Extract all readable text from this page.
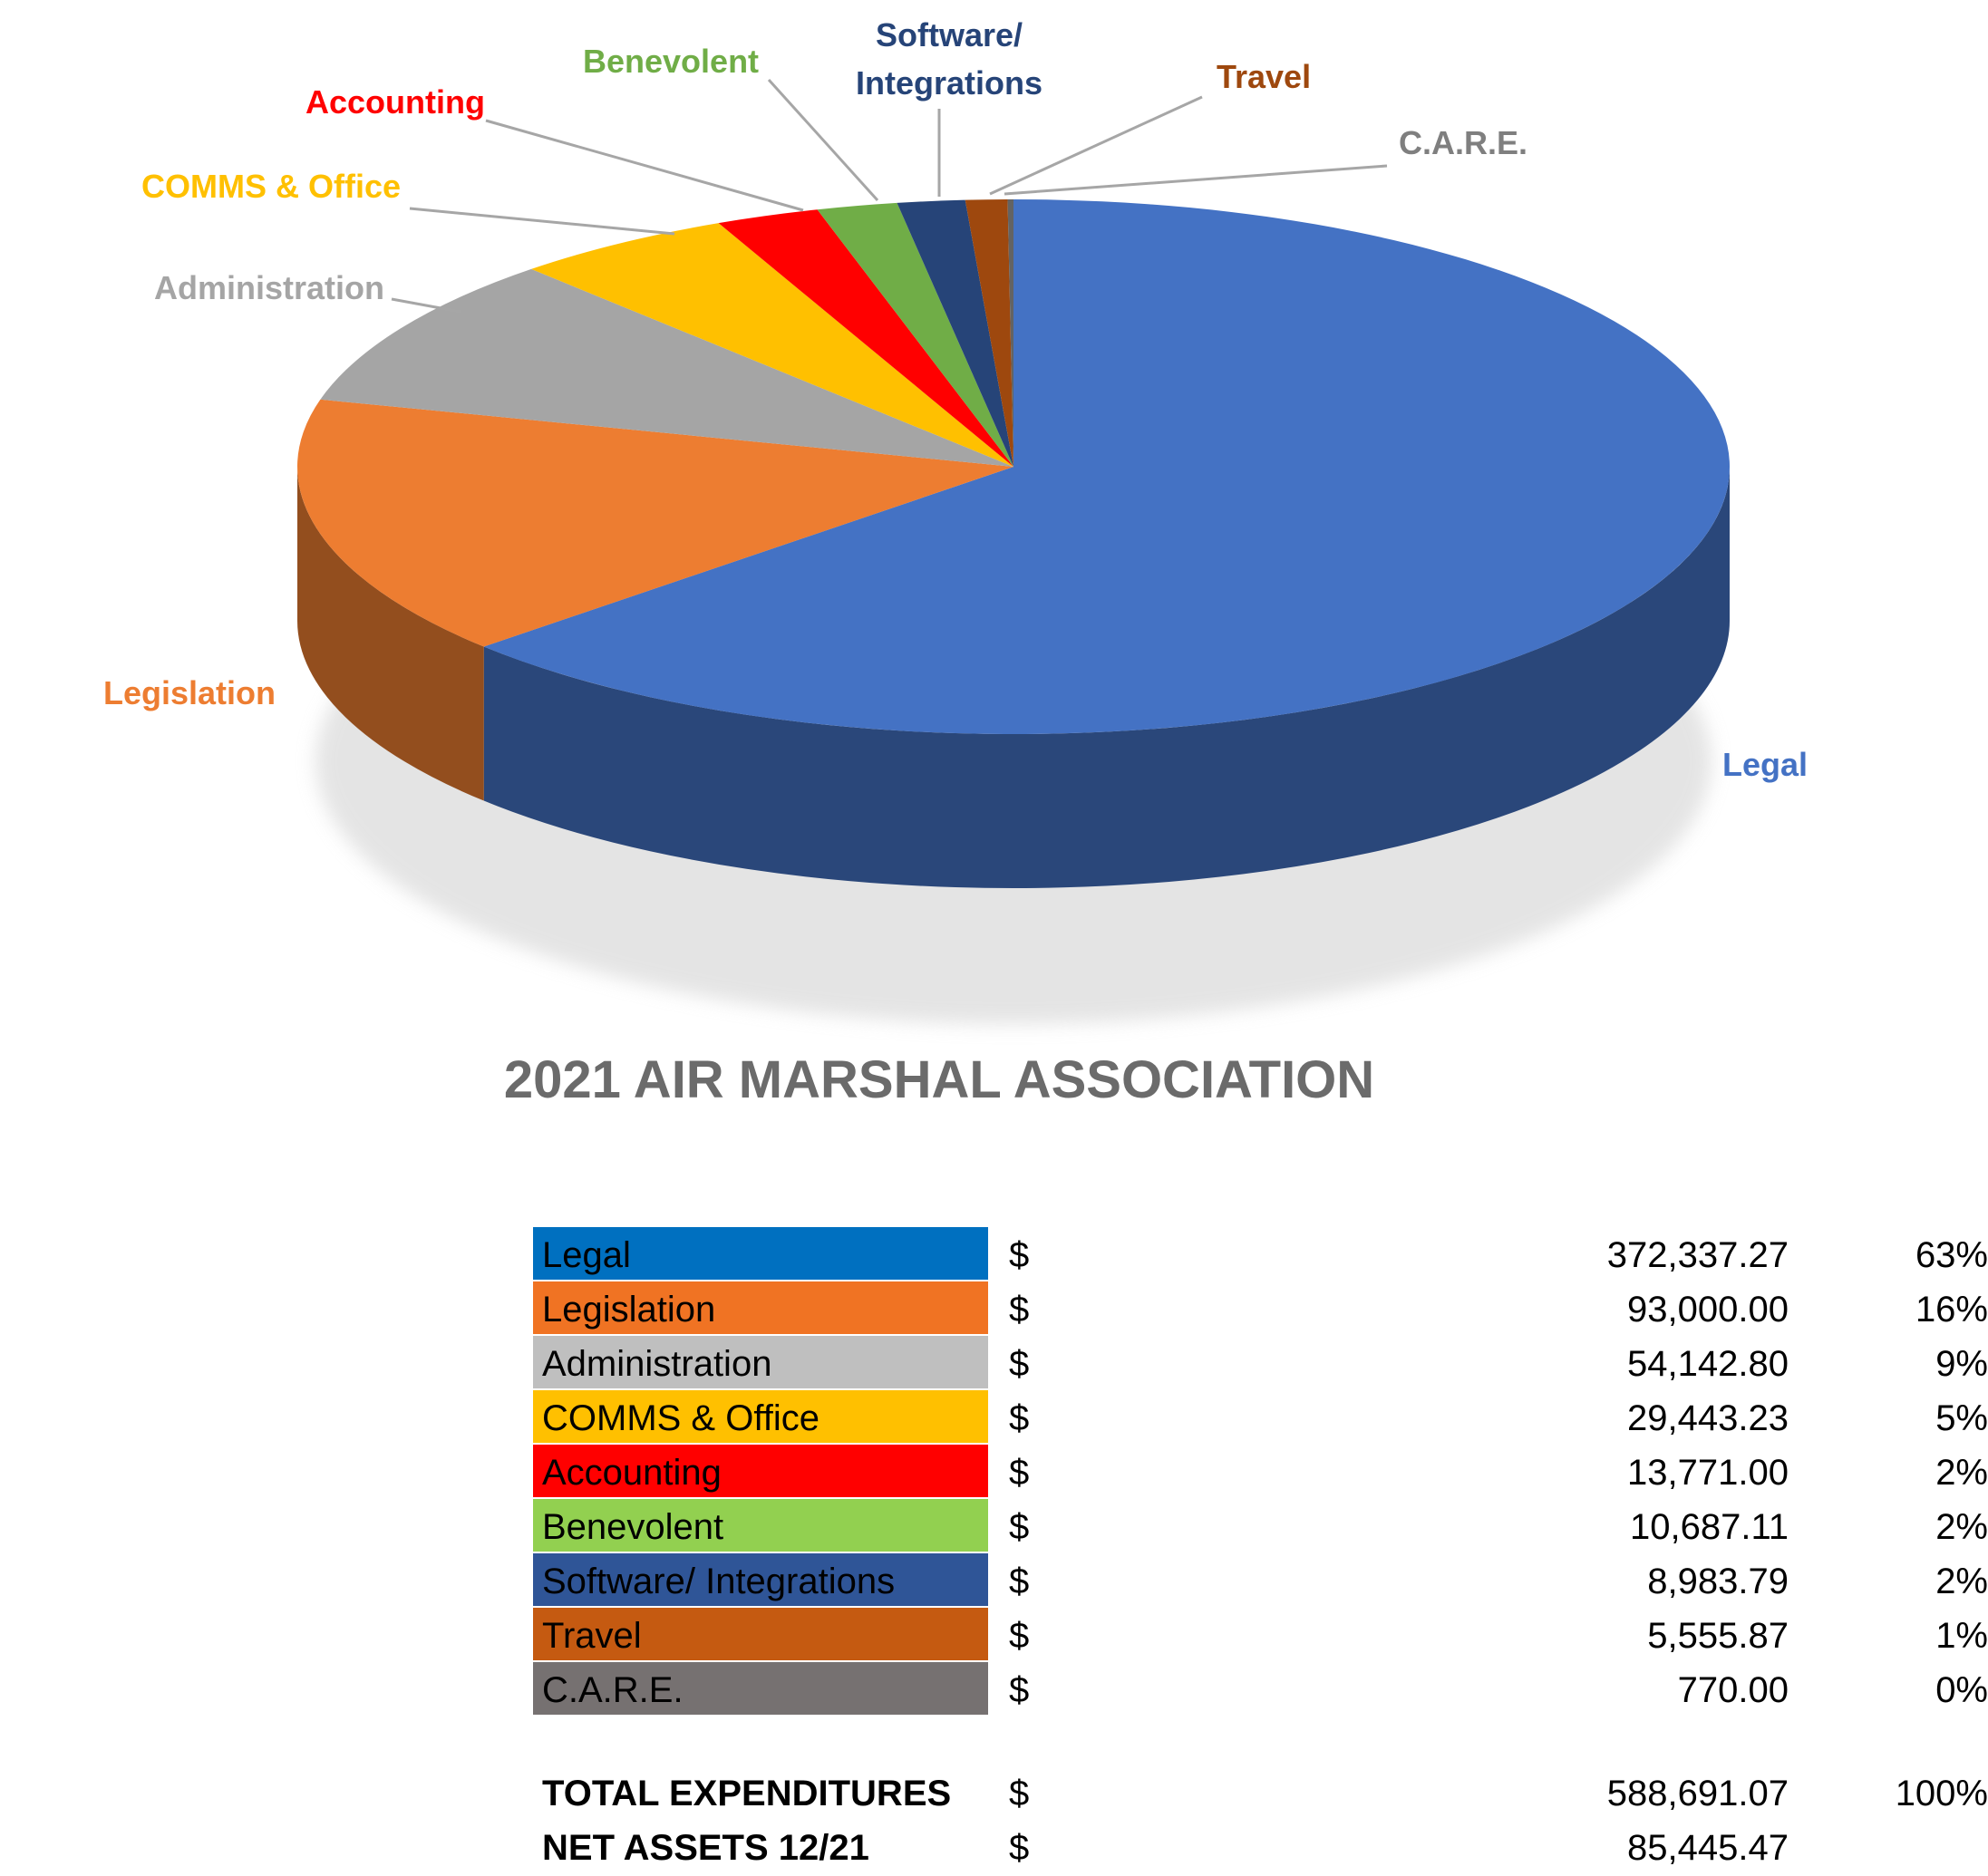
Legal
Legislation
Administration
COMMS & Office
Accounting
Benevolent
Software/
Integrations	Travel
C.A.R.E.
2021 AIR MARSHAL ASSOCIATION
Legal	$	372,337.27	63%
Legislation	$	93,000.00	16%
Administration	$	54,142.80	9%
COMMS & Office	$	29,443.23	5%
Accounting	$	13,771.00	2%
Benevolent	$	10,687.11	2%
Software/ Integrations	$	8,983.79	2%
Travel	$	5,555.87	1%
C.A.R.E.	$	770.00	0%
TOTAL EXPENDITURES	$	588,691.07	100%
NET ASSETS 12/21	$	85,445.47
